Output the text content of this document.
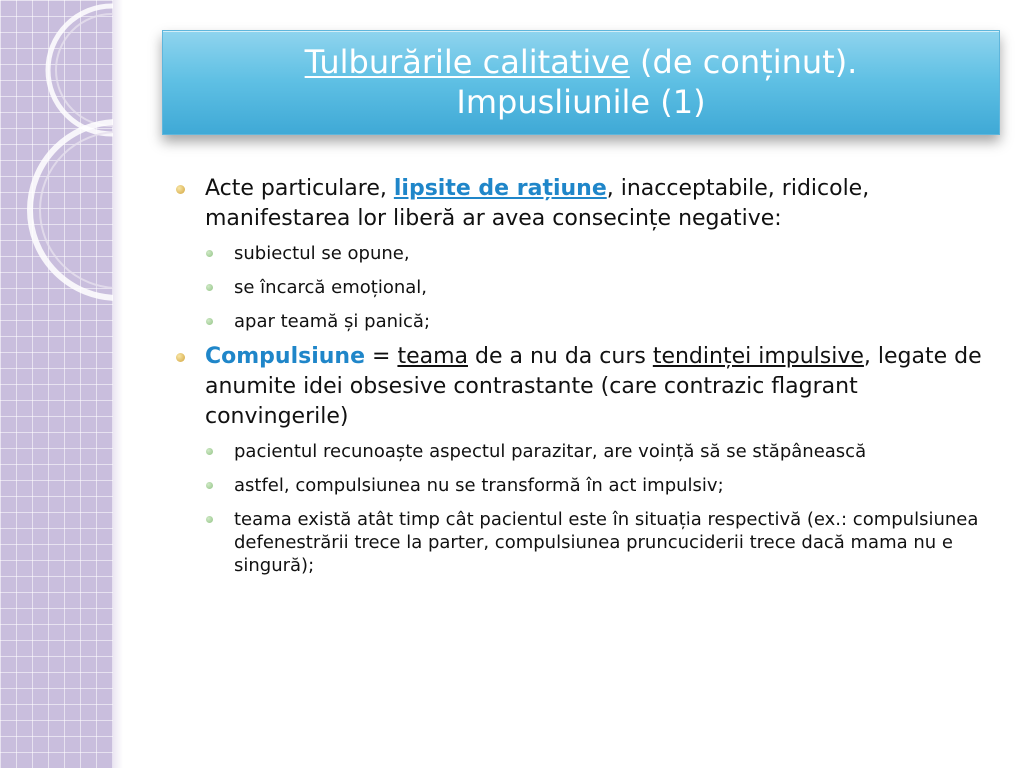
Tulburările calitative (de conținut).
Impusliunile (1)
Acte particulare, lipsite de rațiune, inacceptabile, ridicole, manifestarea lor liberă ar avea consecințe negative:
subiectul se opune,
se încarcă emoțional,
apar teamă și panică;
Compulsiune = teama de a nu da curs tendinței impulsive, legate de anumite idei obsesive contrastante (care contrazic flagrant convingerile)
pacientul recunoaște aspectul parazitar, are voință să se stăpânească
astfel, compulsiunea nu se transformă în act impulsiv;
teama există atât timp cât pacientul este în situația respectivă (ex.: compulsiunea defenestrării trece la parter, compulsiunea pruncuciderii trece dacă mama nu e singură);
